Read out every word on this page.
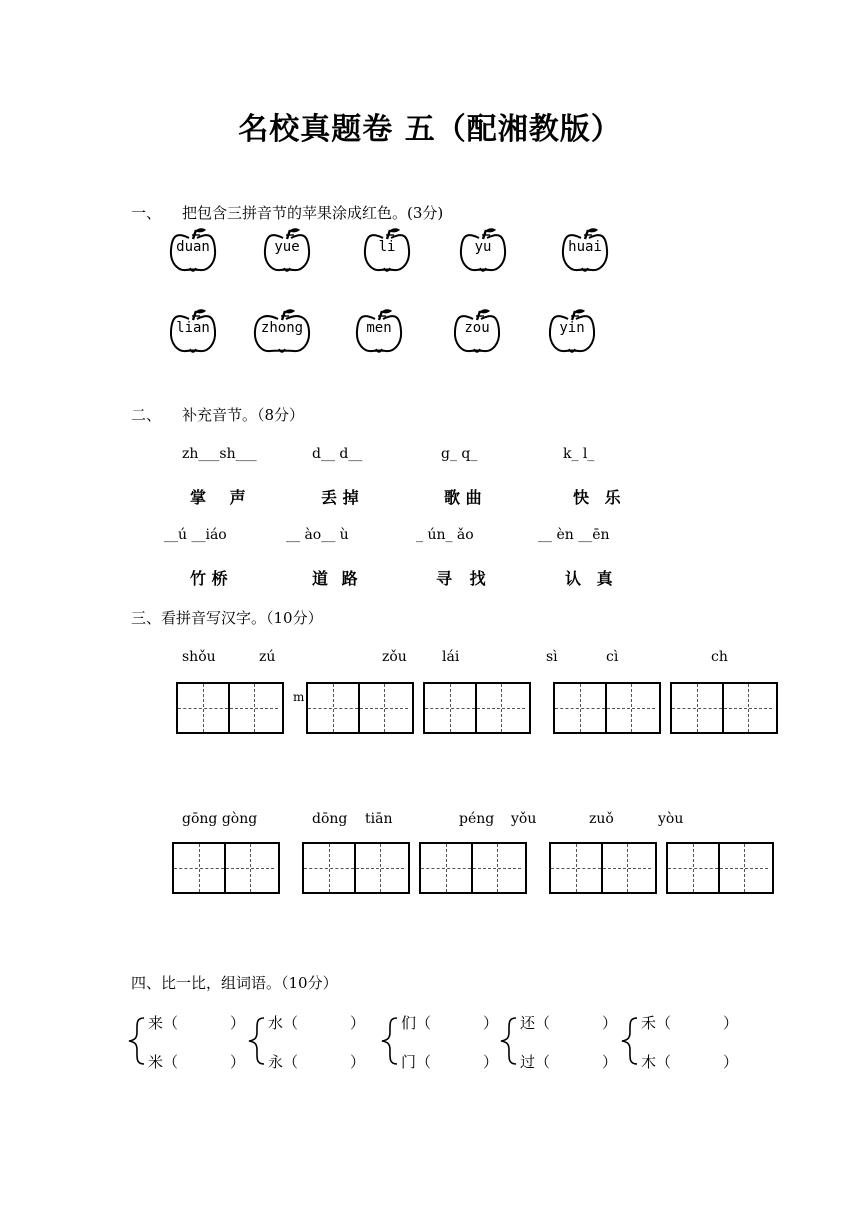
名校真题卷 五（配湘教版）
一、 把包含三拼音节的苹果涂成红色。(3分)
duan	yue	li	yu	huai
lian	zhong	men	zou	yin
二、 补充音节。（8分）
zh___sh___	d__ d__	g_ q_	k_ l_
掌 声	丢 掉	歌 曲	快 乐
__ú __iáo	__ ào__ ù	_ ún_ ǎo	__ èn __ēn
竹 桥	道 路	寻 找	认 真
三、看拼音写汉字。（10分）
shǒu	zú	zǒu	lái	sì	cì	ch
m
gōng gòng	dōng tiān	péng yǒu	zuǒ	yòu
四、比一比，组词语。（10分）
来（	）
米（	）
水（	）
永（	）
们（	）
门（	）
还（	）
过（	）
禾（	）
木（	）
